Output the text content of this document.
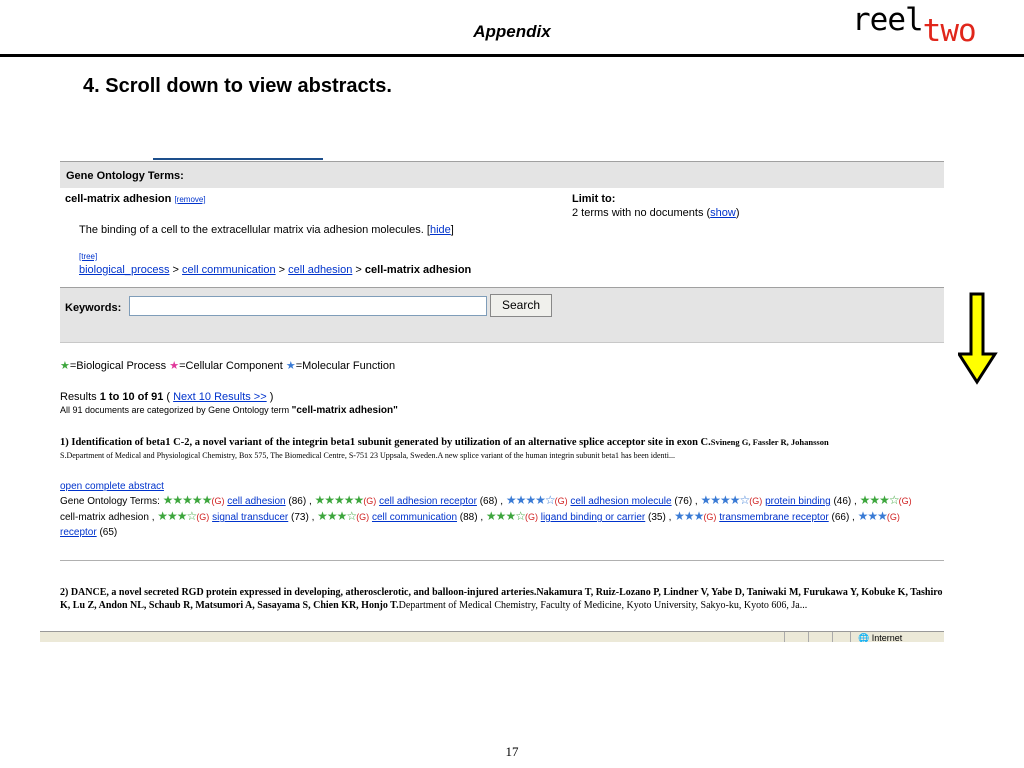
Appendix	reeltwo
4. Scroll down to view abstracts.
Gene Ontology Terms:
cell-matrix adhesion [remove]	Limit to:
2 terms with no documents (show)
The binding of a cell to the extracellular matrix via adhesion molecules. [hide]
[tree]
biological_process > cell communication > cell adhesion > cell-matrix adhesion
Keywords:	Search
★=Biological Process ★=Cellular Component ★=Molecular Function
Results 1 to 10 of 91 ( Next 10 Results >> )
All 91 documents are categorized by Gene Ontology term "cell-matrix adhesion"
1) Identification of beta1 C-2, a novel variant of the integrin beta1 subunit generated by utilization of an alternative splice acceptor site in exon C.Svineng G, Fassler R, Johansson
S.Department of Medical and Physiological Chemistry, Box 575, The Biomedical Centre, S-751 23 Uppsala, Sweden.A new splice variant of the human integrin subunit beta1 has been identi...
open complete abstract
Gene Ontology Terms: ★★★★★(G) cell adhesion (86) , ★★★★★(G) cell adhesion receptor (68) , ★★★★☆(G) cell adhesion molecule (76) , ★★★★☆(G) protein binding (46) , ★★★☆(G) cell-matrix adhesion , ★★★☆(G) signal transducer (73) , ★★★☆(G) cell communication (88) , ★★★☆(G) ligand binding or carrier (35) , ★★★(G) transmembrane receptor (66) , ★★★(G) receptor (65)
2) DANCE, a novel secreted RGD protein expressed in developing, atherosclerotic, and balloon-injured arteries.Nakamura T, Ruiz-Lozano P, Lindner V, Yabe D, Taniwaki M, Furukawa Y, Kobuke K, Tashiro K, Lu Z, Andon NL, Schaub R, Matsumori A, Sasayama S, Chien KR, Honjo T.Department of Medical Chemistry, Faculty of Medicine, Kyoto University, Sakyo-ku, Kyoto 606, Ja...
🌐 Internet
17
